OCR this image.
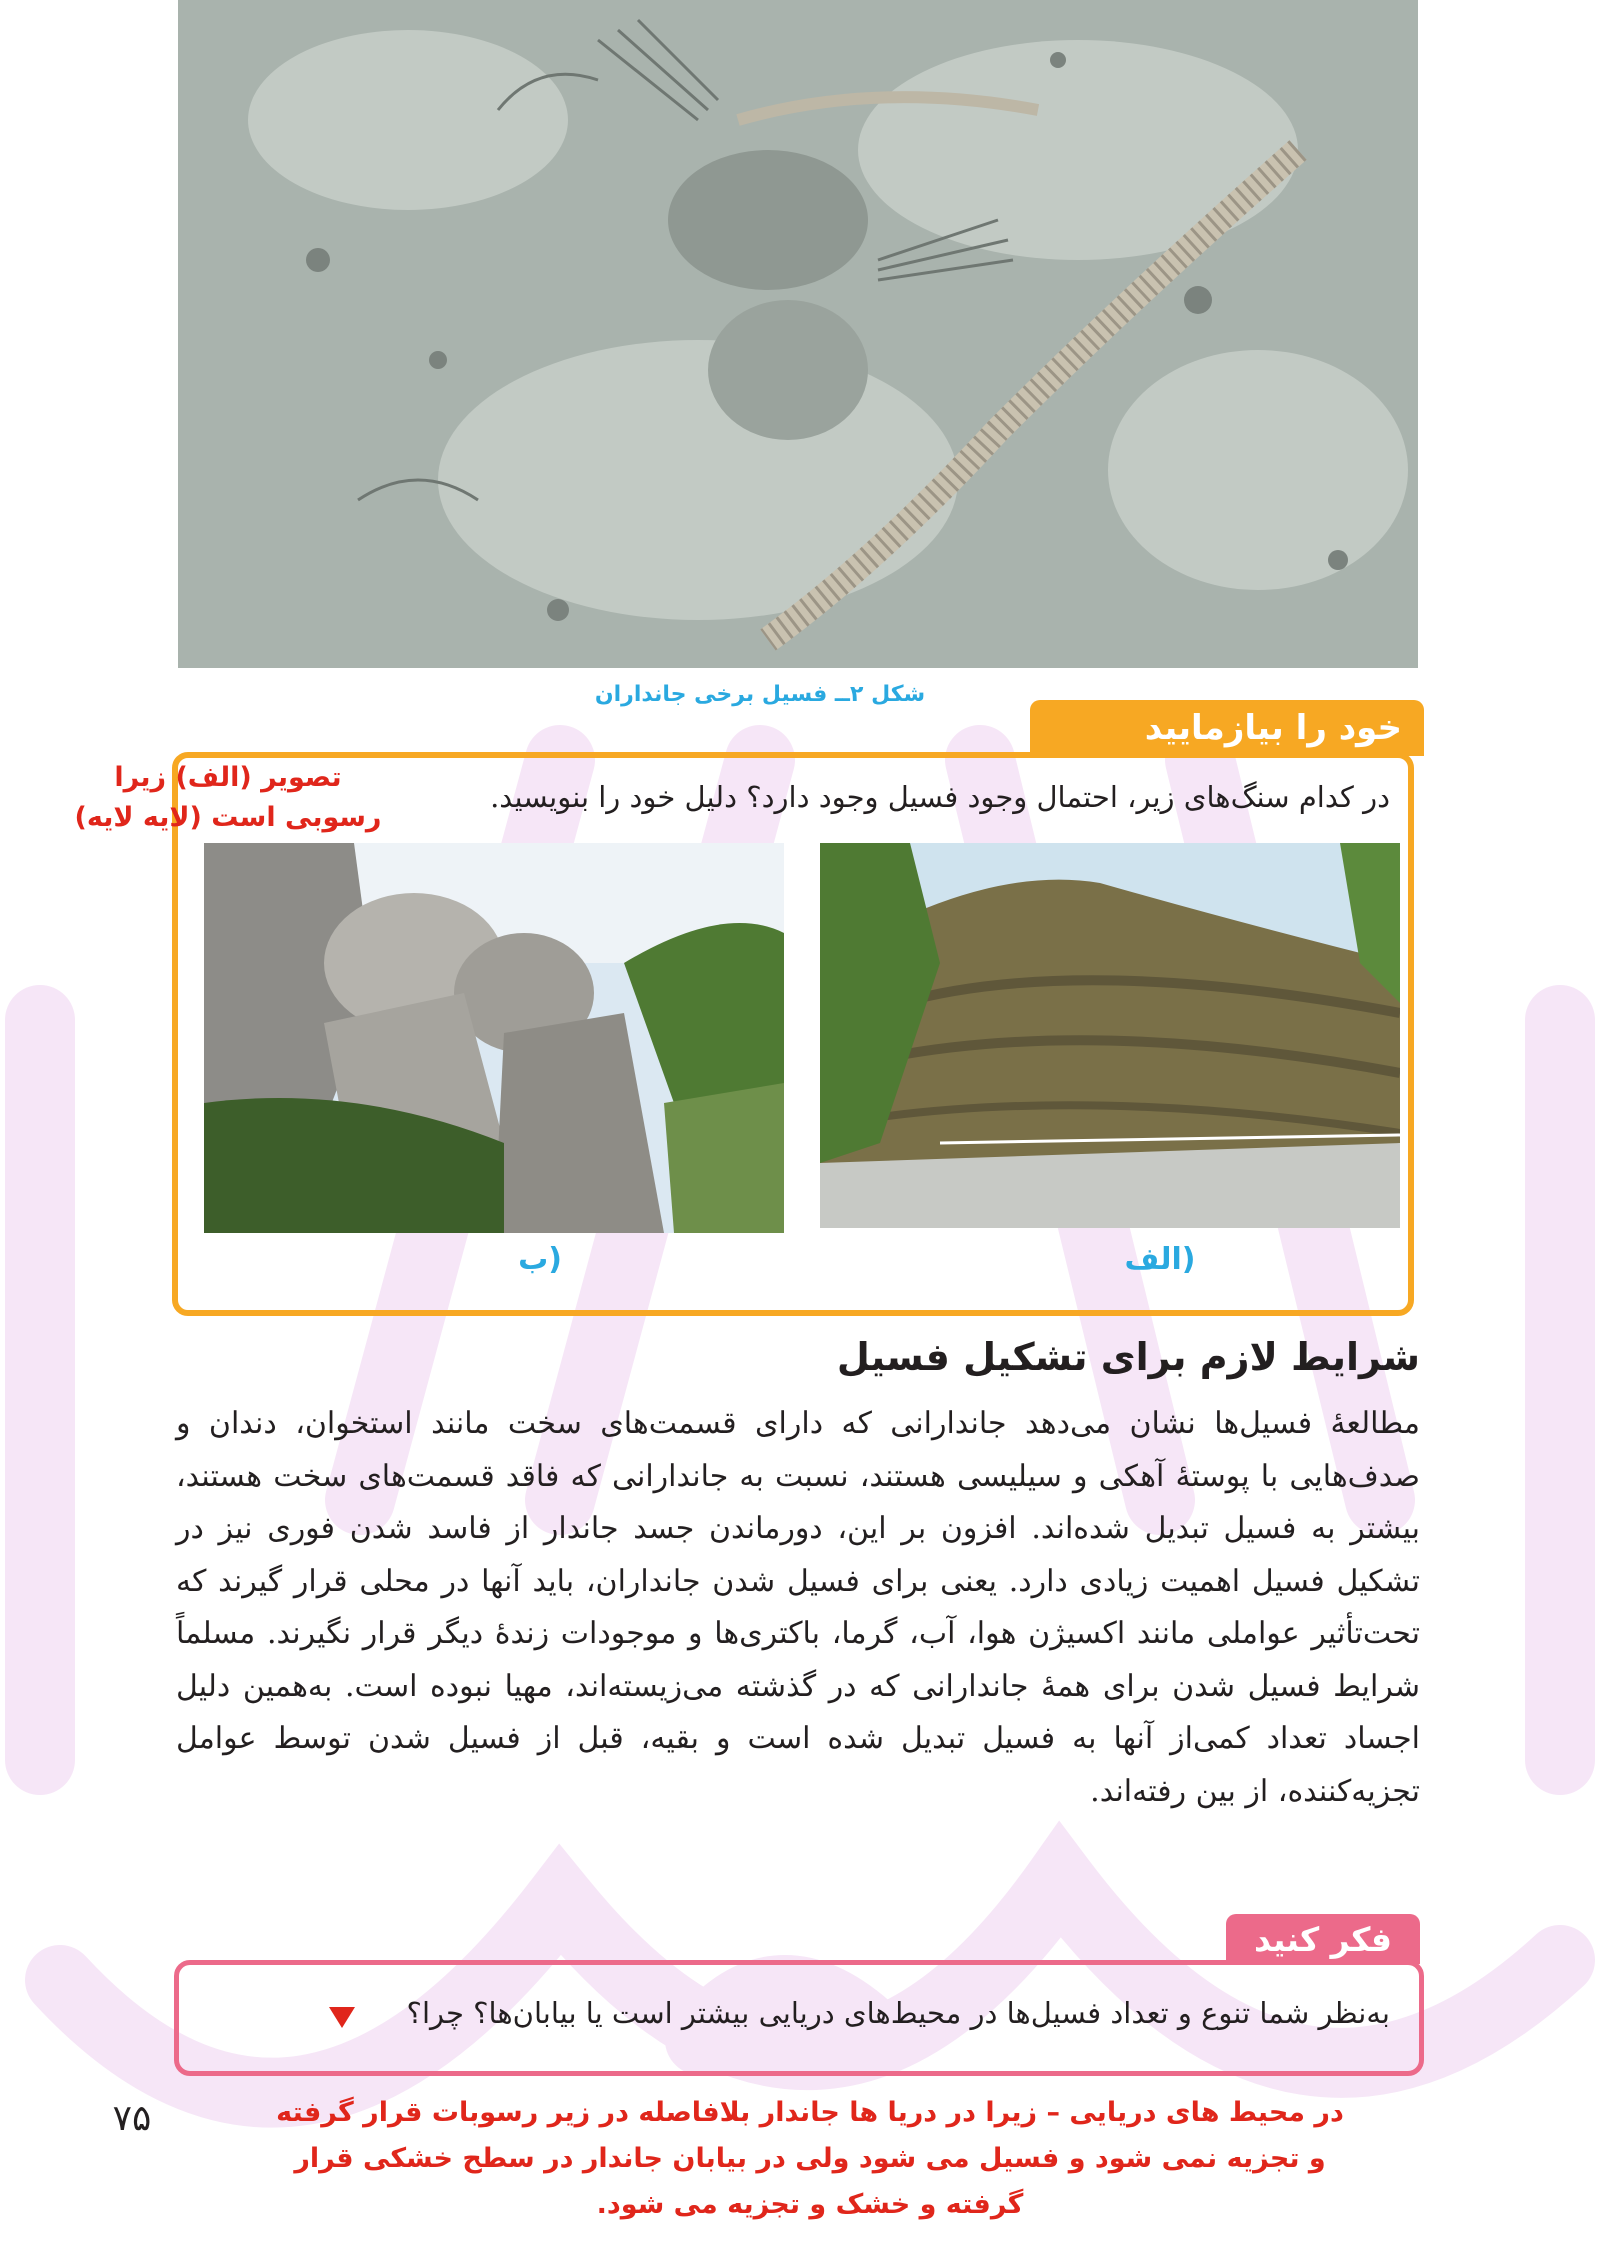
شکل ۲ــ فسیل برخی جانداران
خود را بیازمایید
در کدام سنگ‌های زیر، احتمال وجود فسیل وجود دارد؟ دلیل خود را بنویسید.
تصویر (الف) زیرا رسوبی است (لایه لایه)
(الف
(ب
شرایط لازم برای تشکیل فسیل
مطالعهٔ فسیل‌ها نشان می‌دهد جاندارانی که دارای قسمت‌های سخت مانند استخوان، دندان و صدف‌هایی با پوستهٔ آهکی و سیلیسی هستند، نسبت به جاندارانی که فاقد قسمت‌های سخت هستند، بیشتر به فسیل تبدیل شده‌اند. افزون بر این، دورماندن جسد جاندار از فاسد شدن فوری نیز در تشکیل فسیل اهمیت زیادی دارد. یعنی برای فسیل شدن جانداران، باید آنها در محلی قرار گیرند که تحت‌تأثیر عواملی مانند اکسیژن هوا، آب، گرما، باکتری‌ها و موجودات زندهٔ دیگر قرار نگیرند. مسلماً شرایط فسیل شدن برای همهٔ جاندارانی که در گذشته می‌زیسته‌اند، مهیا نبوده است. به‌همین دلیل اجساد تعداد کمی‌از آنها به فسیل تبدیل شده است و بقیه، قبل از فسیل شدن توسط عوامل تجزیه‌کننده، از بین رفته‌اند.
فکر کنید
به‌نظر شما تنوع و تعداد فسیل‌ها در محیط‌های دریایی بیشتر است یا بیابان‌ها؟ چرا؟
۷۵	در محیط های دریایی – زیرا در دریا ها جاندار بلافاصله در زیر رسوبات قرار گرفته و تجزیه نمی شود و فسیل می شود ولی در بیابان جاندار در سطح خشکی قرار گرفته و خشک و تجزیه می شود.
